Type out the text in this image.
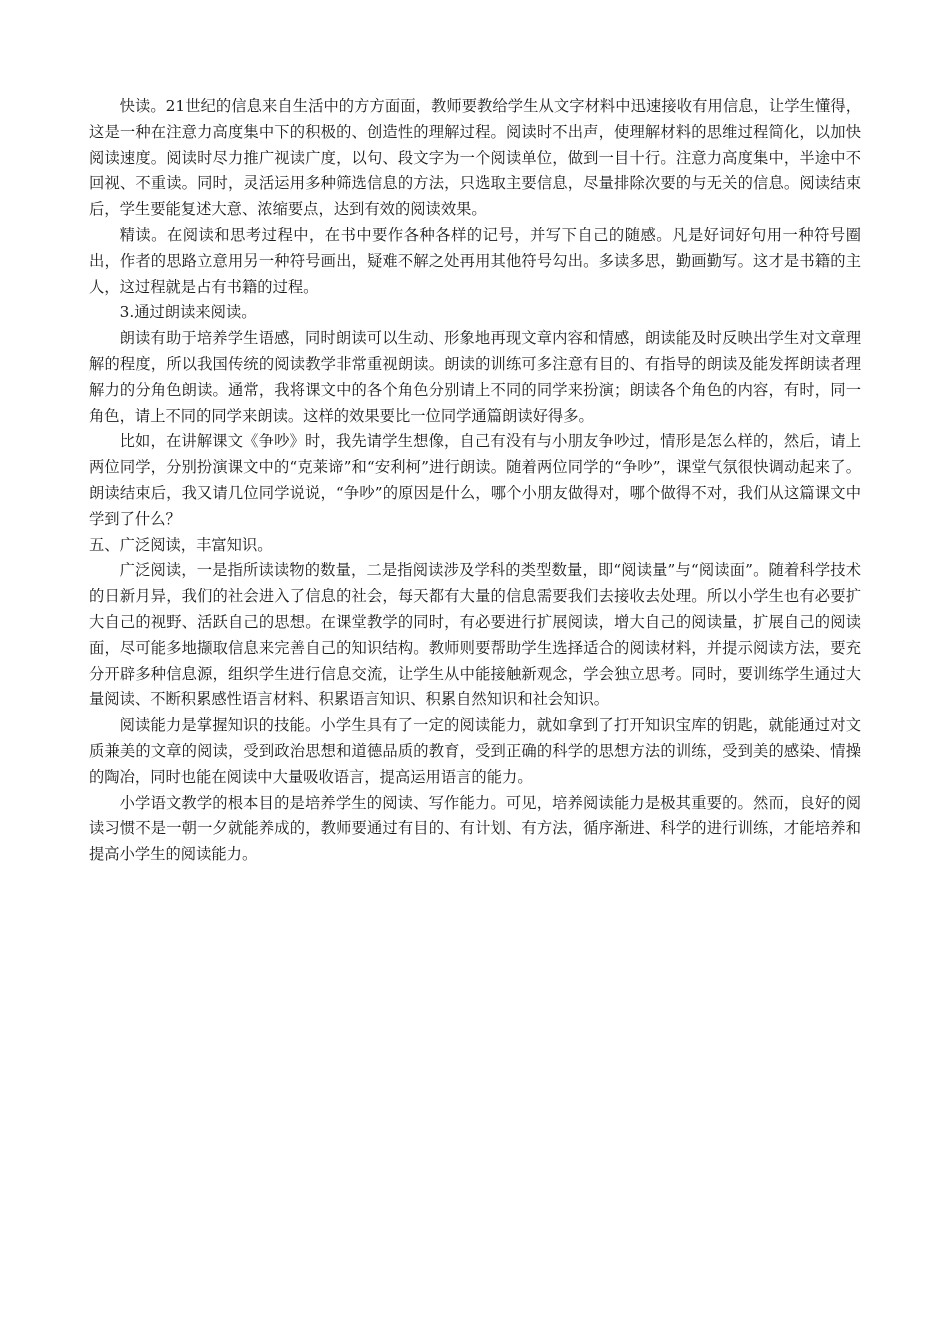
快读。21世纪的信息来自生活中的方方面面，教师要教给学生从文字材料中迅速接收有用信息，让学生懂得，这是一种在注意力高度集中下的积极的、创造性的理解过程。阅读时不出声，使理解材料的思维过程简化，以加快阅读速度。阅读时尽力推广视读广度，以句、段文字为一个阅读单位，做到一目十行。注意力高度集中，半途中不回视、不重读。同时，灵活运用多种筛选信息的方法，只选取主要信息，尽量排除次要的与无关的信息。阅读结束后，学生要能复述大意、浓缩要点，达到有效的阅读效果。

精读。在阅读和思考过程中，在书中要作各种各样的记号，并写下自己的随感。凡是好词好句用一种符号圈出，作者的思路立意用另一种符号画出，疑难不解之处再用其他符号勾出。多读多思，勤画勤写。这才是书籍的主人，这过程就是占有书籍的过程。

3.通过朗读来阅读。

朗读有助于培养学生语感，同时朗读可以生动、形象地再现文章内容和情感，朗读能及时反映出学生对文章理解的程度，所以我国传统的阅读教学非常重视朗读。朗读的训练可多注意有目的、有指导的朗读及能发挥朗读者理解力的分角色朗读。通常，我将课文中的各个角色分别请上不同的同学来扮演；朗读各个角色的内容，有时，同一角色，请上不同的同学来朗读。这样的效果要比一位同学通篇朗读好得多。

比如，在讲解课文《争吵》时，我先请学生想像，自己有没有与小朋友争吵过，情形是怎么样的，然后，请上两位同学，分别扮演课文中的“克莱谛”和“安利柯”进行朗读。随着两位同学的“争吵”，课堂气氛很快调动起来了。朗读结束后，我又请几位同学说说，“争吵”的原因是什么，哪个小朋友做得对，哪个做得不对，我们从这篇课文中学到了什么？

五、广泛阅读，丰富知识。

广泛阅读，一是指所读读物的数量，二是指阅读涉及学科的类型数量，即“阅读量”与“阅读面”。随着科学技术的日新月异，我们的社会进入了信息的社会，每天都有大量的信息需要我们去接收去处理。所以小学生也有必要扩大自己的视野、活跃自己的思想。在课堂教学的同时，有必要进行扩展阅读，增大自己的阅读量，扩展自己的阅读面，尽可能多地撷取信息来完善自己的知识结构。教师则要帮助学生选择适合的阅读材料，并提示阅读方法，要充分开辟多种信息源，组织学生进行信息交流，让学生从中能接触新观念，学会独立思考。同时，要训练学生通过大量阅读、不断积累感性语言材料、积累语言知识、积累自然知识和社会知识。

阅读能力是掌握知识的技能。小学生具有了一定的阅读能力，就如拿到了打开知识宝库的钥匙，就能通过对文质兼美的文章的阅读，受到政治思想和道德品质的教育，受到正确的科学的思想方法的训练，受到美的感染、情操的陶冶，同时也能在阅读中大量吸收语言，提高运用语言的能力。

小学语文教学的根本目的是培养学生的阅读、写作能力。可见，培养阅读能力是极其重要的。然而，良好的阅读习惯不是一朝一夕就能养成的，教师要通过有目的、有计划、有方法，循序渐进、科学的进行训练，才能培养和提高小学生的阅读能力。
